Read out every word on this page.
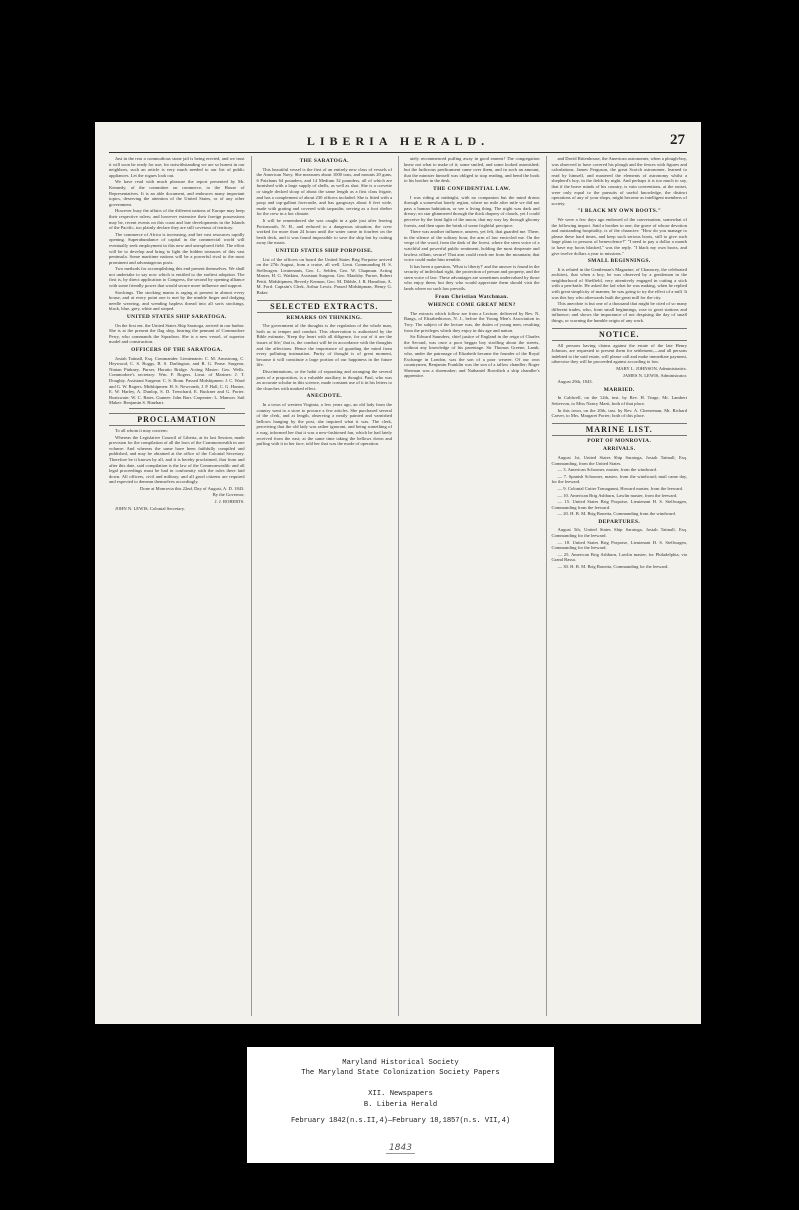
LIBERIA HERALD.	27

Just in the rear a commodious stone jail is being erected, and we trust it will soon be ready for use; for notwithstanding we are so honest in our neighbors, such an article is very much needed to our list of public appliances. Let the rogues look out.

We have read with much pleasure the report presented by Mr. Kennedy, of the committee on commerce, to the House of Representatives. It is an able document, and embraces many important topics, deserving the attention of the United States, or of any other government.

However busy the affairs of the different nations of Europe may keep their respective rulers; and however extensive their foreign possessions may be, recent events on this coast and late developments in the Islands of the Pacific, too plainly declare they are still covetous of territory.

The commerce of Africa is increasing, and her vast resources rapidly opening. Superabundance of capital in the commercial world will eventually seek employment in this new and unexplored field. The effort will be to develop and bring to light the hidden treasures of this vast peninsula. Some maritime nations will be a powerful rival to the most prominent and advantageous posts.

Two methods for accomplishing this end present themselves. We shall not undertake to say now which is entitled to the earliest adoption. The first is, by direct application to Congress, the second by opening alliance with some friendly power that would secure more influence and support.

Stockings. The stocking mania is raging at present in almost every house, and at every point one is met by the nimble finger and dodging needle weaving, and wending hapless thread into all sorts stockings, black, blue, grey, white and striped.

UNITED STATES SHIP SARATOGA.

On the first ent. the United States Ship Saratoga, arrived in our harbor. She is at the present the flag ship, bearing the pennant of Commodore Perry, who commands the Squadron. She is a new vessel, of superior model and construction.

OFFICERS OF THE SARATOGA.

Josiah Tattnall, Esq. Commander. Lieutenants: C. M. Armstrong, C. Heywood, C. S. Boggs, B. S. Darlington, and R. G. Pease. Surgeon, Ninian Pinkney. Purser, Horatio Bridge. Acting Master: Geo. Wells. Commodore's secretary: Wm. F. Rogers. Lieut. of Marines: J. T. Doughty. Assistant Surgeon: C. S. Bonn. Passed Midshipmen: J. C. Ward and G. W. Rogers. Midshipmen: H. S. Newcomb, J. P. Hall, C. G. Hunter, E. W. Harley, A. Dunlop, S. D. Trenchard, E. Buckner and G. Porter. Boatswain: W. C. Bates. Gunner: John Barr. Carpenter: L. Manson. Sail Maker: Benjamin S. Rinehart.

PROCLAMATION

To all whom it may concern:

Whereas the Legislative Council of Liberia, at its last Session, made provision for the compilation of all the laws of the Commonwealth in one volume: And whereas the same have been faithfully compiled and published, and may be obtained at the office of the Colonial Secretary. Therefore be it known by all, and it is hereby proclaimed, that from and after this date, said compilation is the law of the Commonwealth: and all legal proceedings must be had in conformity with the rules there laid down. All officers, civil and military, and all good citizens are required and expected to demean themselves accordingly.

Done at Monrovia this 22nd, Day of August, A. D. 1843.

By the Governor,

J. J. ROBERTS.

JOHN N. LEWIS, Colonial Secretary.

THE SARATOGA.

This beautiful vessel is the first of an entirely new class of vessels of the American Navy. She measures about 1000 tons, and mounts 20 guns, 6 Paixhans 64 pounders, and 14 Medium 32 pounders, all of which are furnished with a large supply of shells, as well as shot. She is a corvette or single decked sloop of about the same length as a first class frigate, and has a complement of about 230 officers included. She is fitted with a poop and top-gallant forecastle, and has gangways about 6 feet wide, made with grating and covered with tarpaulin, serving as a foot shelter for the crew in a hot climate.

It will be remembered she was caught in a gale just after leaving Portsmouth, N. H., and reduced to a dangerous situation; the crew worked for more than 24 hours until the water came in fourfeet on the berth deck, and it was found impossible to save the ship but by cutting away the masts.

UNITED STATES SHIP PORPOISE.

List of the officers on board the United States Brig Porpoise arrived on the 27th August, from a cruise, all well. Lieut. Commanding H. S. Stellwagen. Lieutenants, Geo. L. Selden, Geo. W. Chapman. Acting Master, H. G. Watkins. Assistant Surgeon, Geo. Maulsby. Purser, Robert Pettit. Midshipmen, Beverly Kennon, Geo. M. Dibble, J. R. Hamilton, A. M. Ford. Captain's Clerk, Arthur Lewis. Passed Midshipman, Henry G. Baker.

SELECTED EXTRACTS.

REMARKS ON THINKING.

The government of the thoughts is the regulation of the whole man, both as to temper and conduct. This observation is authorized by the Bible estimate, 'Keep thy heart with all diligence, for out of it are the issues of life;' that is, the conduct will be in accordance with the thoughts and the affections. Hence the importance of guarding the mind from every polluting insinuation. Purity of thought is of great moment, because it will constitute a large portion of our happiness in the future life.

Discriminations, or the habit of separating and arranging the several parts of a proposition, is a valuable auxiliary to thought. Paul, who was an accurate scholar in this science, made constant use of it in his letters to the churches with marked effect.

ANECDOTE.

In a town of western Virginia, a few years ago, an old lady from the country went to a store to procure a few articles. She purchased several of the clerk, and at length, observing a neatly painted and varnished bellows hanging by the post, she inquired what it was. The clerk, perceiving that the old lady was rather ignorant, and being something of a wag, informed her that it was a new-fashioned fan, which he had lately received from the east; at the same time taking the bellows down and puffing with it in her face, told her that was the mode of operation.

ately recommenced puffing away in good earnest! The congregation knew not what to make of it; some smiled, and some looked astonished; but the ludicrous predicament came over them, and in such an amount, that the minister himself was obliged to stop reading, and bend the book to his brother in the desk.

THE CONFIDENTIAL LAW.

I was riding at midnight, with no companion but the mind drawn through a somewhat lonely region, where no mile after mile we did not pass a human habitation, or see a living thing. The night was dark and dreary; no star glimmered through the thick drapery of clouds, yet I could perceive by the faint light of the moon, that my way lay through gloomy forests, and then upon the brink of some frightful precipice.

There was another influence, unseen, yet felt, that guarded me. There, in the silence of the solitary hour, the arm of law encircled me. On the verge of the wood, from the dark of the forest, where the stern voice of a watchful and powerful public sentiment, holding the most desperate and lawless villain, secure! That arm could reach me from the mountain; that voice could make him tremble.

It has been a question, 'What is liberty?' and the answer is found in the security of individual right, the protection of person and property, and the stern voice of law. These advantages are sometimes undervalued by those who enjoy them; but they who would appreciate them should visit the lands where no such law prevails.

From Christian Watchman.

WHENCE COME GREAT MEN?

The extracts which follow are from a Lecture, delivered by Rev. N. Bangs, of Elizabethtown, N. J., before the Young Men's Association in Troy. The subject of the lecture was, the duties of young men, resulting from the privileges which they enjoy in this age and nation.

Sir Edward Saunders, chief justice of England in the reign of Charles the Second, was once a poor beggar boy strolling about the streets, without any knowledge of his parentage. Sir Thomas Greene, Lamb, who, under the patronage of Elizabeth became the founder of the Royal Exchange in London, was the son of a poor weaver. Of our own countrymen, Benjamin Franklin was the son of a tallow chandler; Roger Sherman was a shoemaker; and Nathaniel Bowditch a ship chandler's apprentice.

and David Rittenhouse, the American astronomer, when a plough-boy, was observed to have covered his plough and the fences with figures and calculations. James Ferguson, the great Scotch astronomer, learned to read by himself, and mastered the elements of astronomy whilst a shepherd's boy, in the fields by night. And perhaps it is too much to say, that if the brave minds of his country, is vain conventions, at the outset, were only equal to the pursuits of useful knowledge, the distinct operations of any of your shops, might become as intelligent members of society.

"I BLACK MY OWN BOOTS."

We were a few days ago endowed of the conversation, somewhat of the following import. Said a brother to one, the grave of whose devotion and outstanding hospitality, is of the character: "How do you manage to please these hard times, and keep such serious boots, still to give such large plans to persons of benevolence?" "I need to pay a dollar a month to have my boots blacked," was the reply. "I black my own boots, and give twelve dollars a year to missions."

SMALL BEGINNINGS.

It is related in the Gentleman's Magazine, of Chauncey, the celebrated architect, that when a boy, he was observed by a gentleman in the neighborhood of Sheffield, very attentively engaged in cutting a stick with a pen-knife. He asked the lad what he was making, when he replied with great simplicity of manner, he was going to try the effect of a mill. It was this boy who afterwards built the great mill for the city.

This anecdote is but one of a thousand that might be cited of so many different trades, who, from small beginnings, rose to great stations and influence; and shows the importance of not despising the day of small things, or scorning the humble origin of any work.

NOTICE.

All persons having claims against the estate of the late Henry Johnson, are requested to present them for settlement,—and all persons indebted to the said estate, will please call and make immediate payment, otherwise they will be proceeded against according to law.

MARY L. JOHNSON, Administratrix.

JAMES N. LEWIS, Administrator.

August 29th, 1843.

MARRIED.

In Caldwell, on the 12th, inst. by Rev. H. Teage, Mr. Lambert Settervon, to Miss Nancy Marti, both of that place.

In this town, on the 20th, inst. by Rev. A. Cheeseman, Mr. Richard Carver, to Mrs. Margaret Porter; both of this place.

MARINE LIST.

PORT OF MONROVIA.

ARRIVALS.

August 1st, United States Ship Saratoga, Josiah Tattnall, Esq. Commanding, from the United States.

— 3. American Schooner, master, from the windward.

— 7. Spanish Schooner, master, from the windward; mail came day, for the leeward.

— 9. Colonial Cutter Tomaganni, Howard master, from the leeward.

— 10. American Brig Ashburn, Lawlin master, from the leeward.

— 15. United States Brig Porpoise, Lieutenant H. S. Stellwagen, Commanding from the leeward.

— 20. H. B. M. Brig Bonetta, Commanding from the windward.

DEPARTURES.

August 5th, United States Ship Saratoga, Josiah Tattnall, Esq. Commanding for the leeward.

— 18. United States Brig Porpoise, Lieutenant H. S. Stellwagen, Commanding for the leeward.

— 25. American Brig Ashburn, Lawlin master, for Philadelphia, via Grand Bassa.

— 30. H. B. M. Brig Bonetta, Commanding for the leeward.

Maryland Historical Society
The Maryland State Colonization Society Papers
XII. Newspapers
B. Liberia Herald
February 1842(n.s.II,4)—February 18,1857(n.s. VII,4)
1843
